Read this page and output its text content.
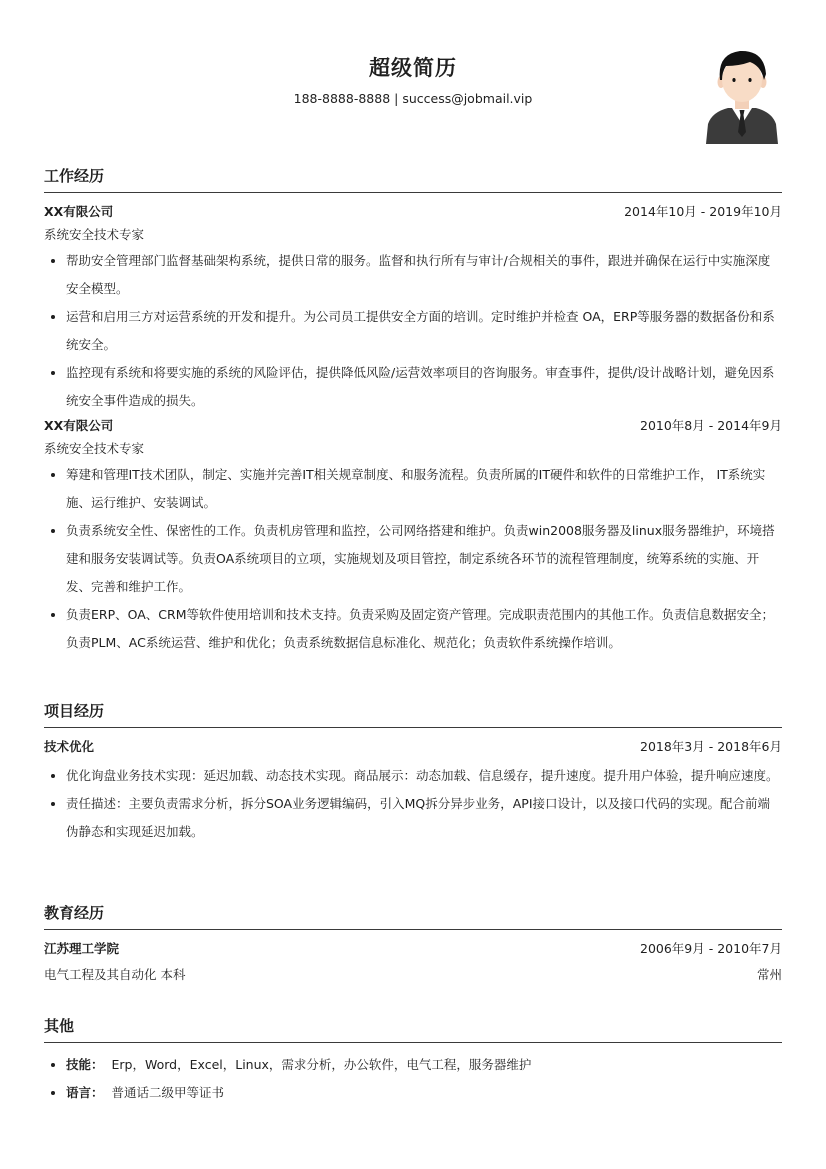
超级简历
188-8888-8888 | success@jobmail.vip
工作经历
XX有限公司	2014年10月 - 2019年10月
系统安全技术专家
• 帮助安全管理部门监督基础架构系统，提供日常的服务。监督和执行所有与审计/合规相关的事件，跟进并确保在运行中实施深度安全模型。
• 运营和启用三方对运营系统的开发和提升。为公司员工提供安全方面的培训。定时维护并检查 OA，ERP等服务器的数据备份和系统安全。
• 监控现有系统和将要实施的系统的风险评估，提供降低风险/运营效率项目的咨询服务。审查事件，提供/设计战略计划，避免因系统安全事件造成的损失。
XX有限公司	2010年8月 - 2014年9月
系统安全技术专家
• 筹建和管理IT技术团队，制定、实施并完善IT相关规章制度、和服务流程。负责所属的IT硬件和软件的日常维护工作， IT系统实施、运行维护、安装调试。
• 负责系统安全性、保密性的工作。负责机房管理和监控，公司网络搭建和维护。负责win2008服务器及linux服务器维护，环境搭建和服务安装调试等。负责OA系统项目的立项，实施规划及项目管控，制定系统各环节的流程管理制度，统筹系统的实施、开发、完善和维护工作。
• 负责ERP、OA、CRM等软件使用培训和技术支持。负责采购及固定资产管理。完成职责范围内的其他工作。负责信息数据安全；负责PLM、AC系统运营、维护和优化；负责系统数据信息标准化、规范化；负责软件系统操作培训。
项目经历
技术优化	2018年3月 - 2018年6月
• 优化询盘业务技术实现：延迟加载、动态技术实现。商品展示：动态加载、信息缓存，提升速度。提升用户体验，提升响应速度。
• 责任描述：主要负责需求分析，拆分SOA业务逻辑编码，引入MQ拆分异步业务，API接口设计，以及接口代码的实现。配合前端伪静态和实现延迟加载。
教育经历
江苏理工学院	2006年9月 - 2010年7月
电气工程及其自动化 本科	常州
其他
• 技能： Erp，Word，Excel，Linux，需求分析，办公软件，电气工程，服务器维护
• 语言： 普通话二级甲等证书
